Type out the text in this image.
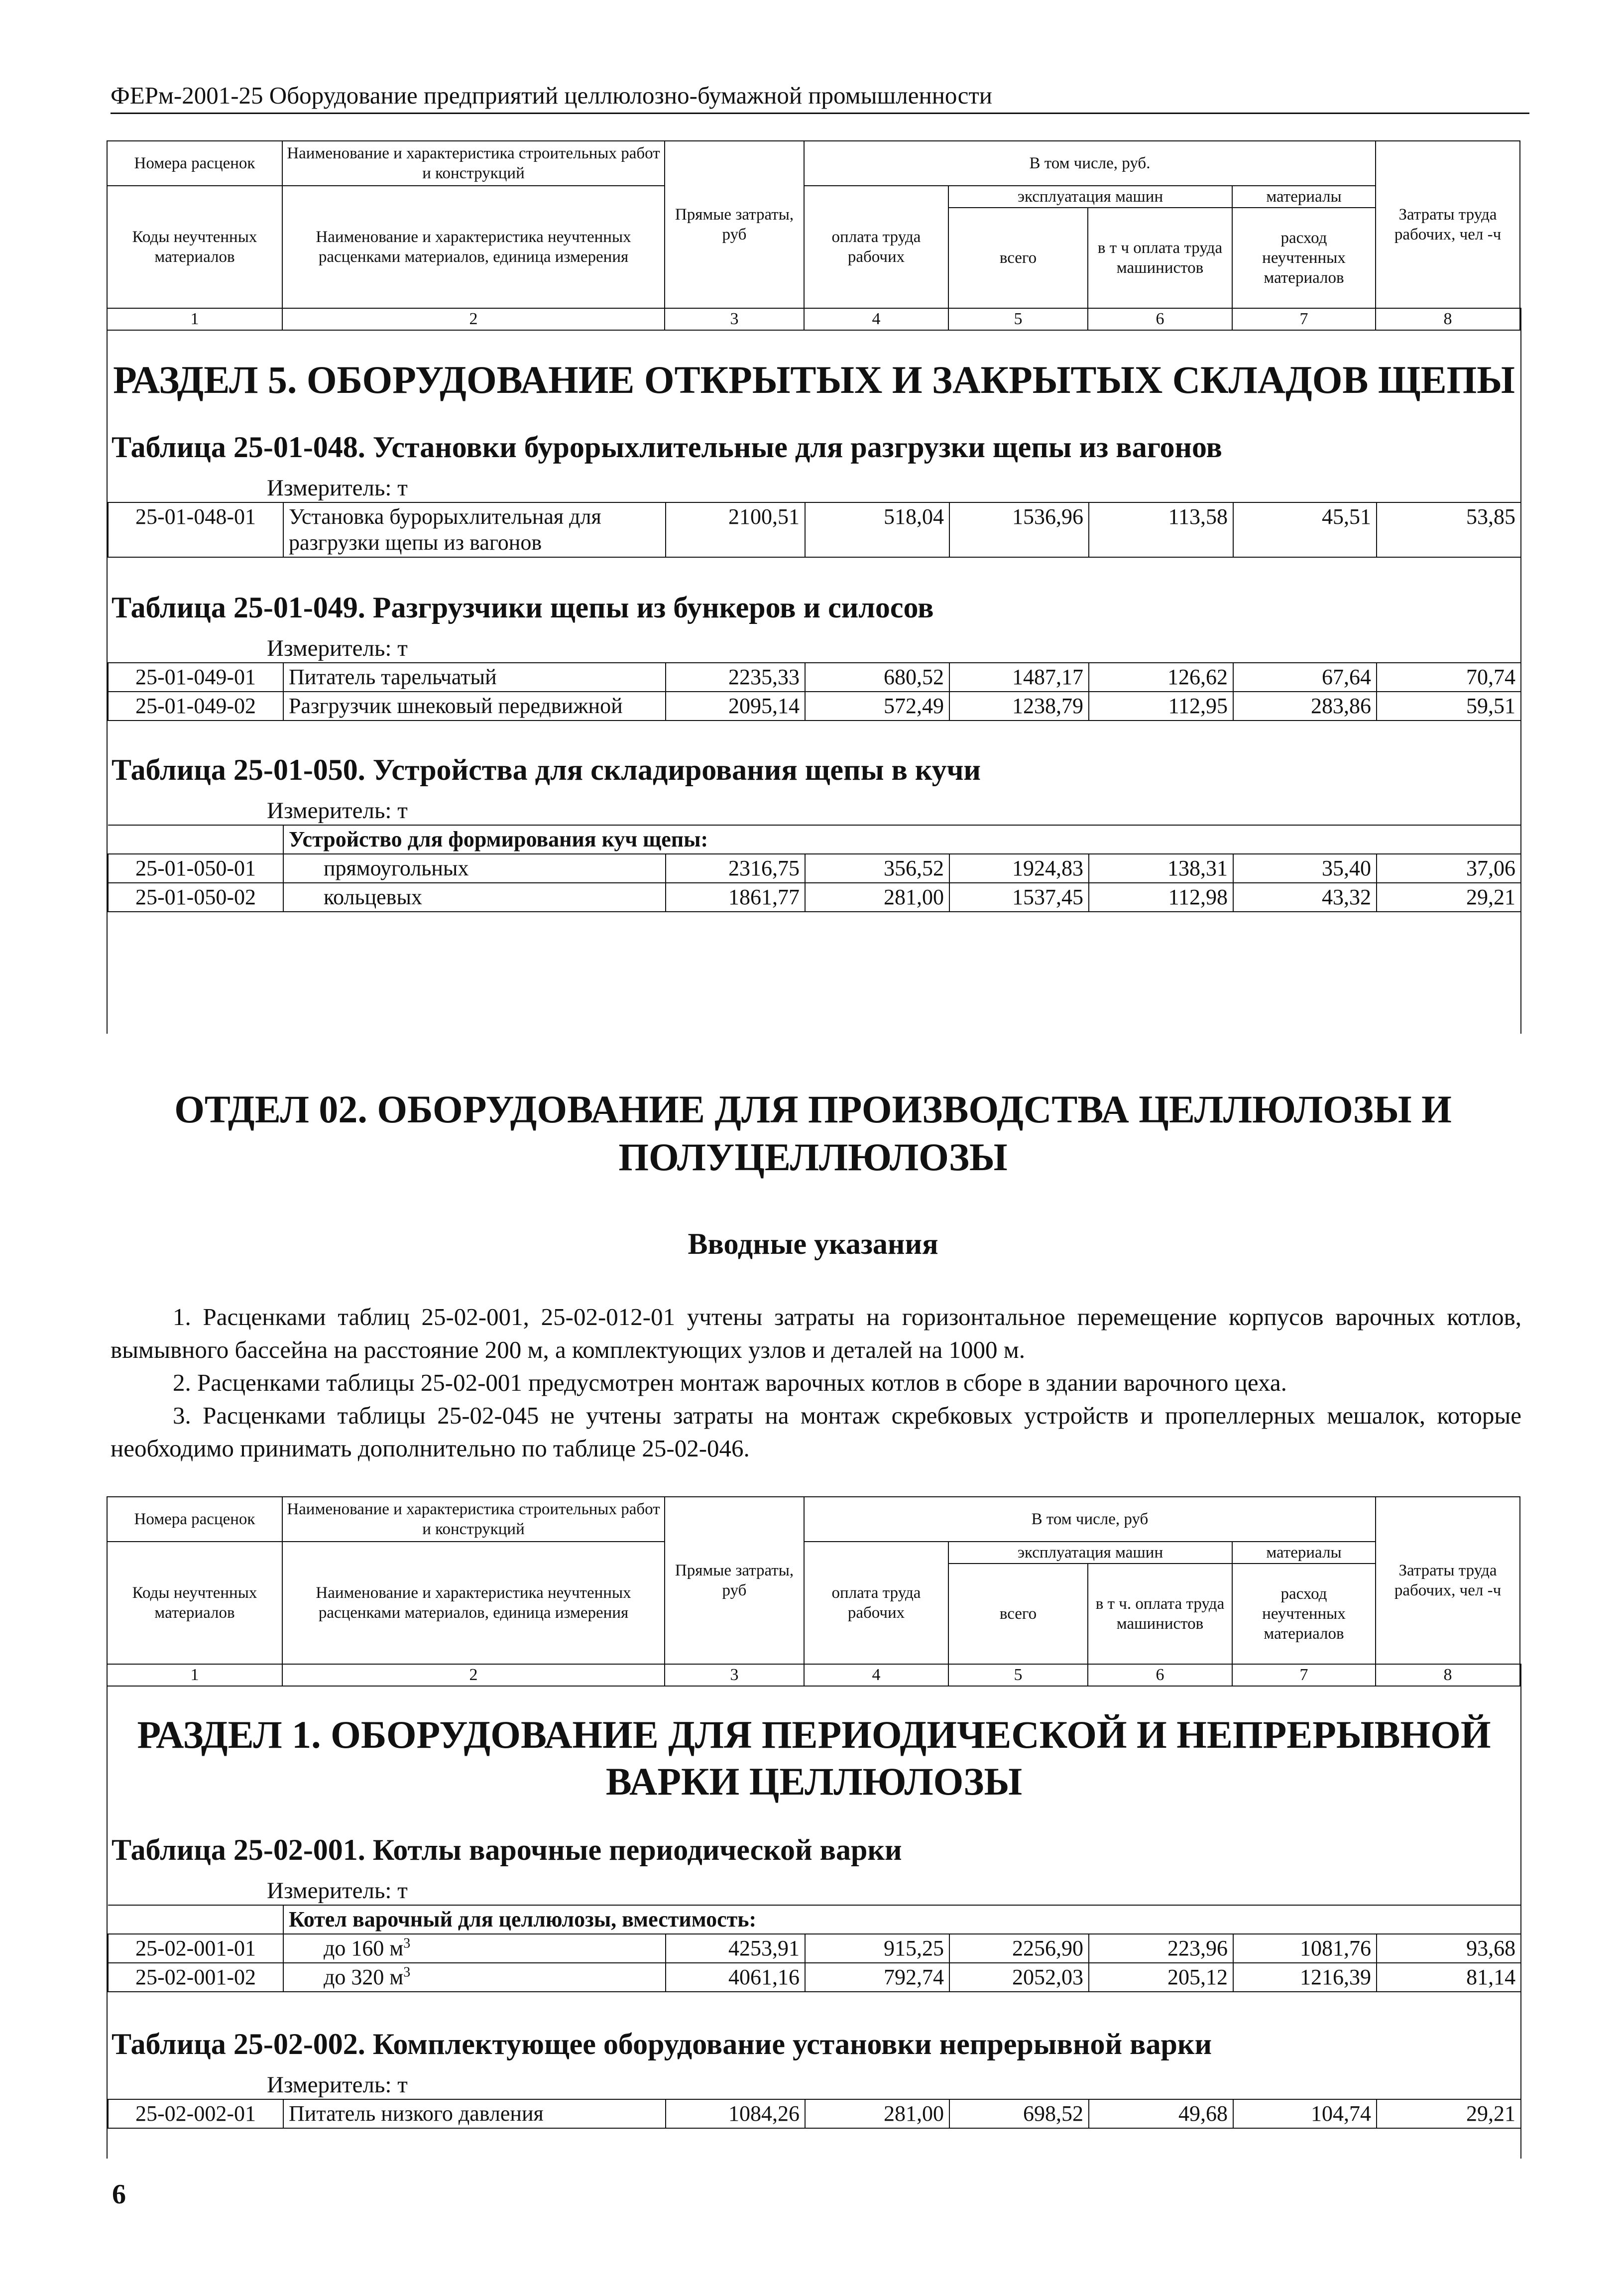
ФЕРм-2001-25 Оборудование предприятий целлюлозно-бумажной промышленности
Номера расценок	Наименование и характеристика строительных работ и конструкций	Прямые затраты, руб	В том числе, руб.				Затраты труда рабочих, чел -ч
Коды неучтенных материалов	Наименование и характеристика неучтенных расценками материалов, единица измерения		оплата труда рабочих	эксплуатация машин		материалы	
				всего	в т ч оплата труда машинистов	расход неучтенных материалов	
1	2	3	4	5	6	7	8
РАЗДЕЛ 5. ОБОРУДОВАНИЕ ОТКРЫТЫХ И ЗАКРЫТЫХ СКЛАДОВ ЩЕПЫ
Таблица 25-01-048. Установки бурорыхлительные для разгрузки щепы из вагонов
Измеритель: т
25-01-048-01	Установка бурорыхлительная для разгрузки щепы из вагонов	2100,51	518,04	1536,96	113,58	45,51	53,85
Таблица 25-01-049. Разгрузчики щепы из бункеров и силосов
Измеритель: т
25-01-049-01	Питатель тарельчатый	2235,33	680,52	1487,17	126,62	67,64	70,74
25-01-049-02	Разгрузчик шнековый передвижной	2095,14	572,49	1238,79	112,95	283,86	59,51
Таблица 25-01-050. Устройства для складирования щепы в кучи
Измеритель: т
	Устройство для формирования куч щепы:						
25-01-050-01	прямоугольных	2316,75	356,52	1924,83	138,31	35,40	37,06
25-01-050-02	кольцевых	1861,77	281,00	1537,45	112,98	43,32	29,21
ОТДЕЛ 02. ОБОРУДОВАНИЕ ДЛЯ ПРОИЗВОДСТВА ЦЕЛЛЮЛОЗЫ И ПОЛУЦЕЛЛЮЛОЗЫ
Вводные указания

1. Расценками таблиц 25-02-001, 25-02-012-01 учтены затраты на горизонтальное перемещение корпусов варочных котлов, вымывного бассейна на расстояние 200 м, а комплектующих узлов и деталей на 1000 м.

2. Расценками таблицы 25-02-001 предусмотрен монтаж варочных котлов в сборе в здании варочного цеха.

3. Расценками таблицы 25-02-045 не учтены затраты на монтаж скребковых устройств и пропеллерных мешалок, которые необходимо принимать дополнительно по таблице 25-02-046.

Номера расценок	Наименование и характеристика строительных работ и конструкций	Прямые затраты, руб	В том числе, руб				Затраты труда рабочих, чел -ч
Коды неучтенных материалов	Наименование и характеристика неучтенных расценками материалов, единица измерения		оплата труда рабочих	эксплуатация машин		материалы	
				всего	в т ч. оплата труда машинистов	расход неучтенных материалов	
1	2	3	4	5	6	7	8
РАЗДЕЛ 1. ОБОРУДОВАНИЕ ДЛЯ ПЕРИОДИЧЕСКОЙ И НЕПРЕРЫВНОЙ ВАРКИ ЦЕЛЛЮЛОЗЫ
Таблица 25-02-001. Котлы варочные периодической варки
Измеритель: т
	Котел варочный для целлюлозы, вместимость:						
25-02-001-01	до 160 $м^3$	4253,91	915,25	2256,90	223,96	1081,76	93,68
25-02-001-02	до 320 $м^3$	4061,16	792,74	2052,03	205,12	1216,39	81,14
Таблица 25-02-002. Комплектующее оборудование установки непрерывной варки
Измеритель: т
25-02-002-01	Питатель низкого давления	1084,26	281,00	698,52	49,68	104,74	29,21
6
